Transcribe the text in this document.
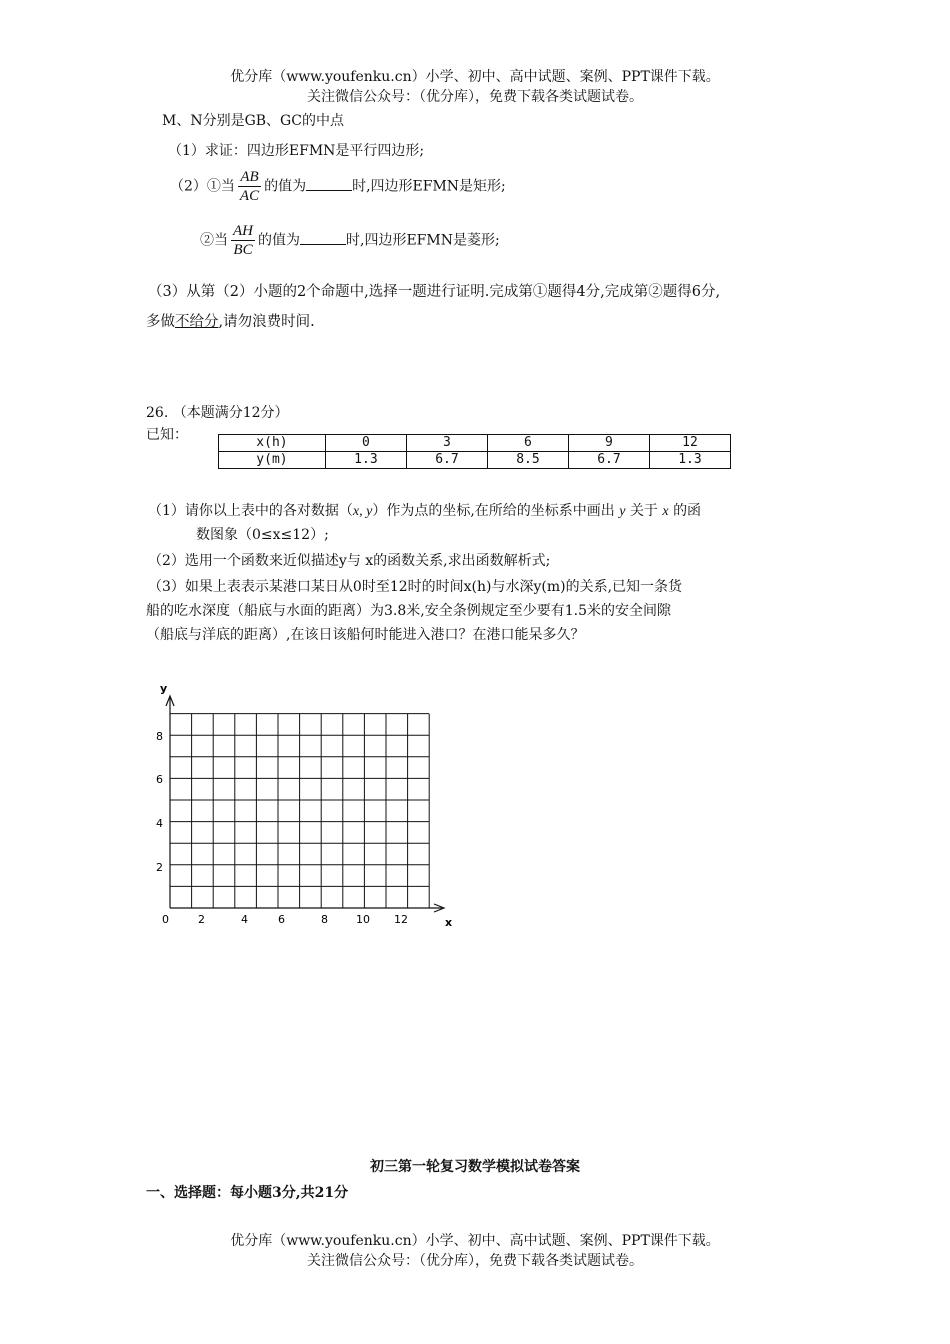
优分库（www.youfenku.cn）小学、初中、高中试题、案例、PPT课件下载。
关注微信公众号：（优分库），免费下载各类试题试卷。
M、N分别是GB、GC的中点
（1）求证：四边形EFMN是平行四边形;
（2）①当 $\frac{AB}{AC}$ 的值为	时,四边形EFMN是矩形;
②当 $\frac{AH}{BC}$ 的值为	时,四边形EFMN是菱形;
（3）从第（2）小题的2个命题中,选择一题进行证明.完成第①题得4分,完成第②题得6分,
多做不给分,请勿浪费时间.
26. （本题满分12分）
已知：	x(h)	0	3	6	9	12
y(m)	1.3	6.7	8.5	6.7	1.3
（1）请你以上表中的各对数据（x, y）作为点的坐标,在所给的坐标系中画出 y 关于 x 的函
数图象（0≤x≤12）;
（2）选用一个函数来近似描述y与 x的函数关系,求出函数解析式;
（3）如果上表表示某港口某日从0时至12时的时间x(h)与水深y(m)的关系,已知一条货
船的吃水深度（船底与水面的距离）为3.8米,安全条例规定至少要有1.5米的安全间隙
（船底与洋底的距离）,在该日该船何时能进入港口？在港口能呆多久？
y
x
2
4
6
8
0	2	4	6	8	10 12
初三第一轮复习数学模拟试卷答案
一、选择题：每小题3分,共21分
优分库（www.youfenku.cn）小学、初中、高中试题、案例、PPT课件下载。
关注微信公众号：（优分库），免费下载各类试题试卷。
